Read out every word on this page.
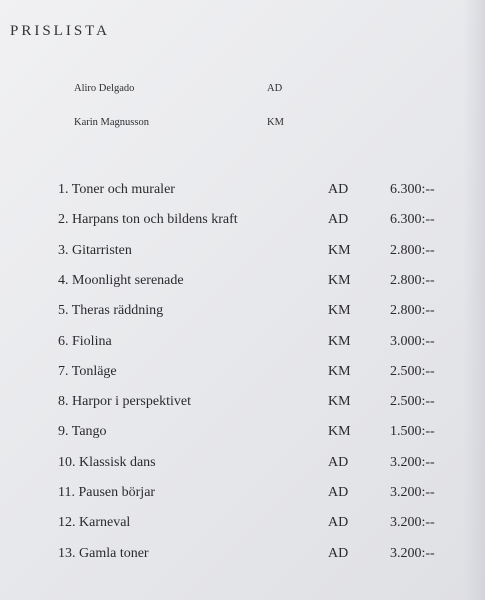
PRISLISTA
Aliro Delgado	AD
Karin Magnusson	KM
1. Toner och muraler	AD	6.300:--
2. Harpans ton och bildens kraft	AD	6.300:--
3. Gitarristen	KM	2.800:--
4. Moonlight serenade	KM	2.800:--
5. Theras räddning	KM	2.800:--
6. Fiolina	KM	3.000:--
7. Tonläge	KM	2.500:--
8. Harpor i perspektivet	KM	2.500:--
9. Tango	KM	1.500:--
10. Klassisk dans	AD	3.200:--
11. Pausen börjar	AD	3.200:--
12. Karneval	AD	3.200:--
13. Gamla toner	AD	3.200:--
